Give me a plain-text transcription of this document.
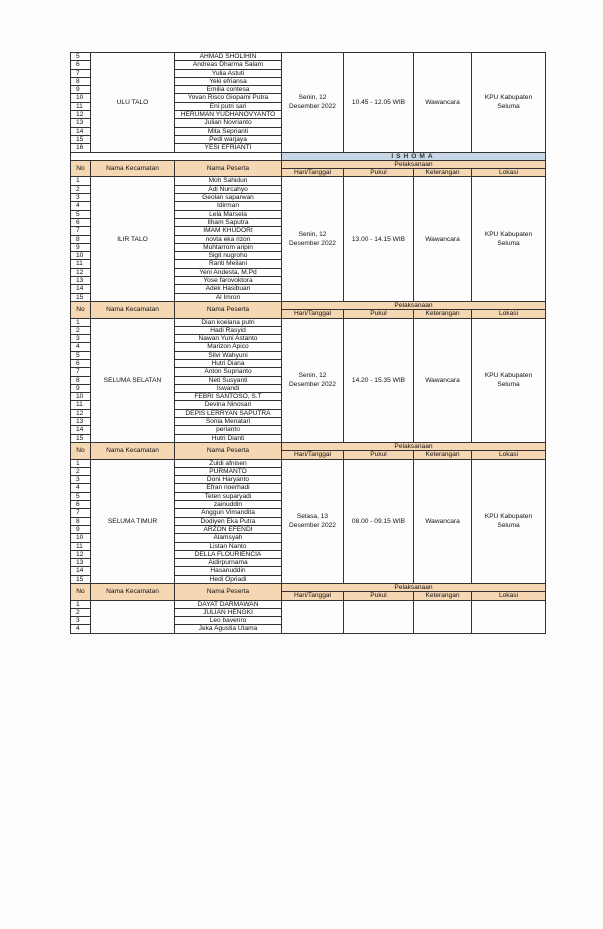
5	ULU TALO	AHMAD SHOLIHIN	Senin, 12 Desember 2022	10.45 - 12.05 WIB	Wawancara	KPU Kabupaten Seluma
6		Andreas Dharma Salam				
7		Yulia Astuti				
8		Yeki efriansa				
9		Emilia contesa				
10		Yovan Risco Giopami Putra				
11		Eni putri sari				
12		HERUMAN YUDHANOVYANTO				
13		Julian Novrianto				
14		Mita Seprianti				
15		Pedi warjaya				
16		YESI EFRIANTI				
			ISHOMA			
No	Nama Kecamatan	Nama Peserta	Pelaksanaan			
			Hari/Tanggal	Pukul	Keterangan	Lokasi
1	ILIR TALO	Moh Sahidun	Senin, 12 Desember 2022	13.00 - 14.15 WIB	Wawancara	KPU Kabupaten Seluma
2		Adi Nurcahyo				
3		Geolan saparwan				
4		Idirman				
5		Lela Marsela				
6		Ilham Saputra				
7		IMAM KHUDORI				
8		novta eka rizon				
9		Muhtarrom aripin				
10		Sigit nugroho				
11		Ranti Meliani				
12		Yeni Andesta, M.Pd				
13		Yose farovoktora				
14		Adek Hasibuan				
15		Al Imron				
No	Nama Kecamatan	Nama Peserta	Pelaksanaan			
			Hari/Tanggal	Pukul	Keterangan	Lokasi
1	SELUMA SELATAN	Dian koelana putri	Senin, 12 Desember 2022	14.20 - 15.35 WIB	Wawancara	KPU Kabupaten Seluma
2		Hadi Rasyid				
3		Nawan Yuni Astanto				
4		Marizon Apico				
5		Silvi Wahyuni				
6		Hutri Diana				
7		Anton Suprianto				
8		Neti Susyanti				
9		Iswandi				
10		FEBRI SANTOSO, S.T				
11		Devina Ninosari				
12		DEPIS LERRYAN SAPUTRA				
13		Sonia Menatari				
14		perianto				
15		Hutri Dianti				
No	Nama Kecamatan	Nama Peserta	Pelaksanaan			
			Hari/Tanggal	Pukul	Keterangan	Lokasi
1	SELUMA TIMUR	Zuldi afnisen	Selasa, 13 Desember 2022	08.00 - 09.15 WIB	Wawancara	KPU Kabupaten Seluma
2		PURMANTO				
3		Doni Haryanto				
4		Efran noerhadi				
5		Teten suparyadi				
6		zainuddin				
7		Anggun Vimandita				
8		Dodiyen Eka Putra				
9		ARZON EFENDI				
10		Alamsyah				
11		Listan Nanto				
12		DELLA FLOURIENCIA				
13		Aidirpurnama				
14		Hasanuddin				
15		Hedi Opriadi				
No	Nama Kecamatan	Nama Peserta	Pelaksanaan			
			Hari/Tanggal	Pukul	Keterangan	Lokasi
1		DAYAT DARMAWAN				
2		JULIAN HENGKI				
3		Leo bavenro				
4		Jeka Agustia Utama				
